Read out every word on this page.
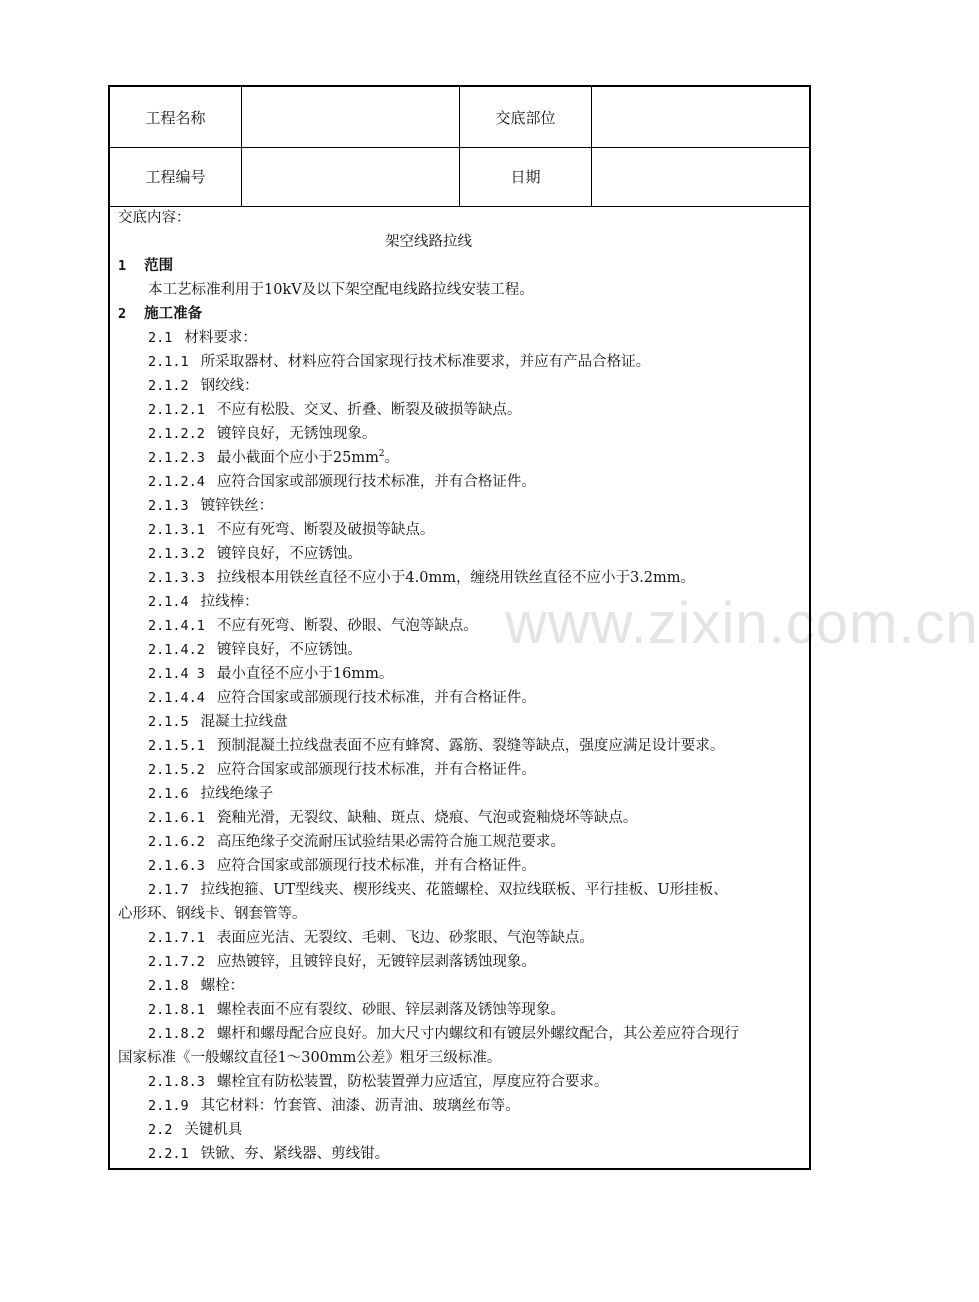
www.zixin.com.cn
工程名称	交底部位
工程编号	日期
交底内容：
架空线路拉线
1 范围
本工艺标准利用于10kV及以下架空配电线路拉线安装工程。
2 施工准备
2.1 材料要求：
2.1.1 所采取器材、材料应符合国家现行技术标准要求，并应有产品合格证。
2.1.2 钢绞线：
2.1.2.1 不应有松股、交叉、折叠、断裂及破损等缺点。
2.1.2.2 镀锌良好，无锈蚀现象。
2.1.2.3 最小截面个应小于$25mm^2$。
2.1.2.4 应符合国家或部颁现行技术标准，并有合格证件。
2.1.3 镀锌铁丝：
2.1.3.1 不应有死弯、断裂及破损等缺点。
2.1.3.2 镀锌良好，不应锈蚀。
2.1.3.3 拉线根本用铁丝直径不应小于4.0mm，缠绕用铁丝直径不应小于3.2mm。
2.1.4 拉线棒：
2.1.4.1 不应有死弯、断裂、砂眼、气泡等缺点。
2.1.4.2 镀锌良好，不应锈蚀。
2.1.4 3 最小直径不应小于16mm。
2.1.4.4 应符合国家或部颁现行技术标准，并有合格证件。
2.1.5 混凝土拉线盘
2.1.5.1 预制混凝土拉线盘表面不应有蜂窝、露筋、裂缝等缺点，强度应满足设计要求。
2.1.5.2 应符合国家或部颁现行技术标准，并有合格证件。
2.1.6 拉线绝缘子
2.1.6.1 瓷釉光滑，无裂纹、缺釉、斑点、烧痕、气泡或瓷釉烧坏等缺点。
2.1.6.2 高压绝缘子交流耐压试验结果必需符合施工规范要求。
2.1.6.3 应符合国家或部颁现行技术标准，并有合格证件。
2.1.7 拉线抱箍、UT型线夹、楔形线夹、花篮螺栓、双拉线联板、平行挂板、U形挂板、
心形环、钢线卡、钢套管等。
2.1.7.1 表面应光洁、无裂纹、毛刺、飞边、砂浆眼、气泡等缺点。
2.1.7.2 应热镀锌，且镀锌良好，无镀锌层剥落锈蚀现象。
2.1.8 螺栓：
2.1.8.1 螺栓表面不应有裂纹、砂眼、锌层剥落及锈蚀等现象。
2.1.8.2 螺杆和螺母配合应良好。加大尺寸内螺纹和有镀层外螺纹配合，其公差应符合现行
国家标准《一般螺纹直径1～300mm公差》粗牙三级标准。
2.1.8.3 螺栓宜有防松装置，防松装置弹力应适宜，厚度应符合要求。
2.1.9 其它材料：竹套管、油漆、沥青油、玻璃丝布等。
2.2 关键机具
2.2.1 铁锨、夯、紧线器、剪线钳。
